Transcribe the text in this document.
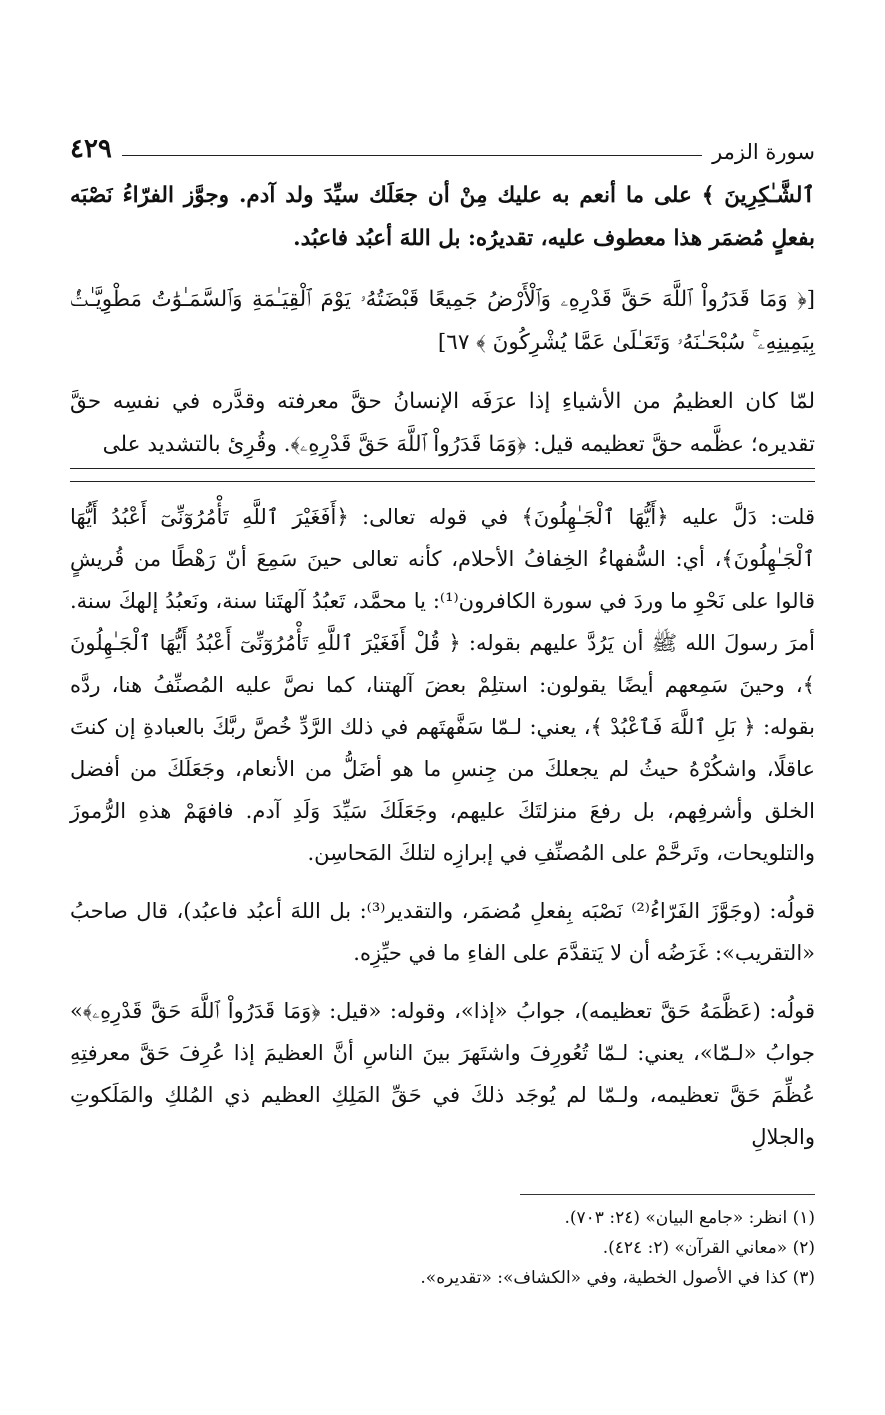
سورة الزمر
٤٢٩

ٱلشَّـٰكِرِينَ ﴾ على ما أنعم به عليك مِنْ أن جعَلَك سيِّدَ ولد آدم. وجوَّز الفرّاءُ نَصْبَه بفعلٍ مُضمَر هذا معطوف عليه، تقديرُه: بل اللهَ أعبُد فاعبُد.

[﴿ وَمَا قَدَرُواْ ٱللَّهَ حَقَّ قَدْرِهِۦ وَٱلْأَرْضُ جَمِيعًا قَبْضَتُهُۥ يَوْمَ ٱلْقِيَـٰمَةِ وَٱلسَّمَـٰوَٰتُ مَطْوِيَّـٰتُۢ بِيَمِينِهِۦ ۚ سُبْحَـٰنَهُۥ وَتَعَـٰلَىٰ عَمَّا يُشْرِكُونَ ﴾ ٦٧]

لمّا كان العظيمُ من الأشياءِ إذا عرَفَه الإنسانُ حقَّ معرفته وقدَّره في نفسِه حقَّ تقديره؛ عظَّمه حقَّ تعظيمه قيل: ﴿وَمَا قَدَرُواْ ٱللَّهَ حَقَّ قَدْرِهِۦ﴾. وقُرِئ بالتشديد على

قلت: دَلَّ عليه ﴿أَيُّهَا ٱلْجَـٰهِلُونَ﴾ في قوله تعالى: ﴿أَفَغَيْرَ ٱللَّهِ تَأْمُرُوٓنِّىٓ أَعْبُدُ أَيُّهَا ٱلْجَـٰهِلُونَ﴾، أي: السُّفهاءُ الخِفافُ الأحلام، كأنه تعالى حينَ سَمِعَ أنّ رَهْطًا من قُريشٍ قالوا على نَحْوِ ما وردَ في سورة الكافرون⁽¹⁾: يا محمَّد، تَعبُدُ آلهتَنا سنة، ونَعبُدُ إلهكَ سنة. أمرَ رسولَ الله ﷺ أن يَرُدَّ عليهم بقوله: ﴿ قُلْ أَفَغَيْرَ ٱللَّهِ تَأْمُرُوٓنِّىٓ أَعْبُدُ أَيُّهَا ٱلْجَـٰهِلُونَ ﴾، وحينَ سَمِعهم أيضًا يقولون: استلِمْ بعضَ آلهتنا، كما نصَّ عليه المُصنِّفُ هنا، ردَّه بقوله: ﴿ بَلِ ٱللَّهَ فَٱعْبُدْ ﴾، يعني: لـمّا سَفَّهتَهم في ذلك الرَّدِّ خُصَّ ربَّكَ بالعبادةِ إن كنتَ عاقلًا، واشكُرْهُ حيثُ لم يجعلكَ من جِنسِ ما هو أضَلُّ من الأنعام، وجَعَلَكَ من أفضل الخلق وأشرفِهم، بل رفعَ منزلتَكَ عليهم، وجَعَلَكَ سَيِّدَ وَلَدِ آدم. فافهَمْ هذهِ الرُّموزَ والتلويحات، وتَرحَّمْ على المُصنِّفِ في إبرازِه لتلكَ المَحاسِن.

قولُه: (وجَوَّزَ الفَرّاءُ⁽²⁾ نَصْبَه بِفعلِ مُضمَر، والتقدير⁽³⁾: بل اللهَ أعبُد فاعبُد)، قال صاحبُ «التقريب»: غَرَضُه أن لا يَتقدَّمَ على الفاءِ ما في حيِّزِه.

قولُه: (عَظَّمَهُ حَقَّ تعظيمه)، جوابُ «إذا»، وقوله: «قيل: ﴿وَمَا قَدَرُواْ ٱللَّهَ حَقَّ قَدْرِهِۦ﴾» جوابُ «لـمّا»، يعني: لـمّا تُعُورِفَ واشتَهرَ بينَ الناسِ أنَّ العظيمَ إذا عُرِفَ حَقَّ معرفتِهِ عُظِّمَ حَقَّ تعظيمه، ولـمّا لم يُوجَد ذلكَ في حَقِّ المَلِكِ العظيم ذي المُلكِ والمَلَكوتِ والجلالِ

(١) انظر: «جامع البيان» (٢٤: ٧٠٣).

(٢) «معاني القرآن» (٢: ٤٢٤).

(٣) كذا في الأصول الخطية، وفي «الكشاف»: «تقديره».
